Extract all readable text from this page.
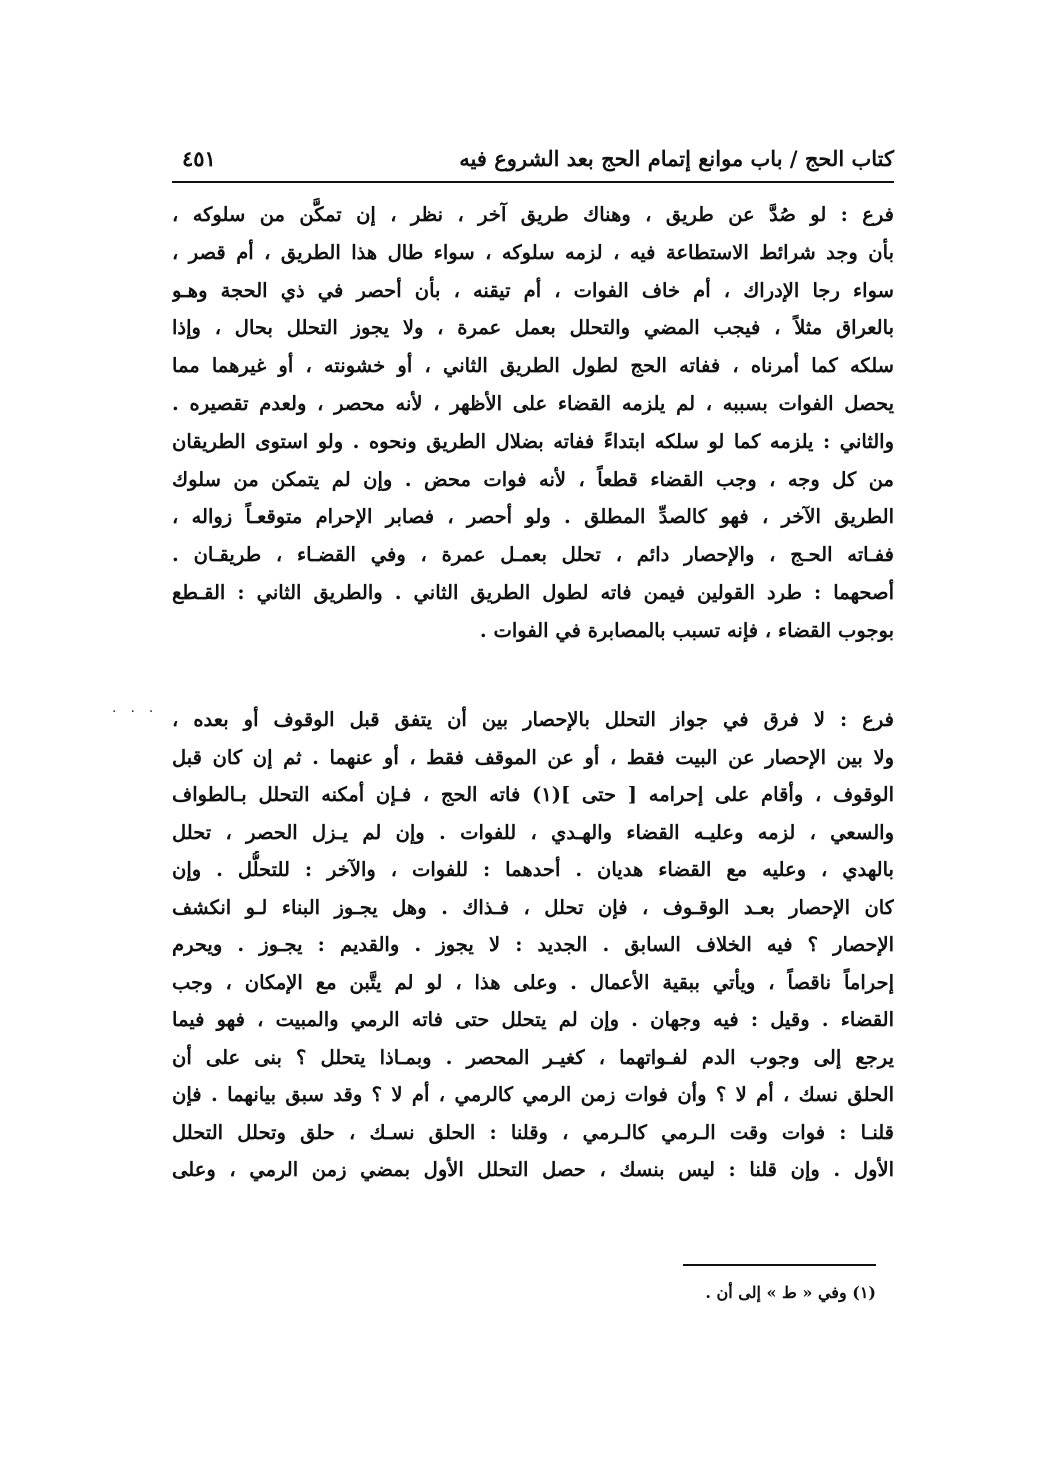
كتاب الحج / باب موانع إتمام الحج بعد الشروع فيه
٤٥١
فرع : لو صُدَّ عن طريق ، وهناك طريق آخر ، نظر ، إن تمكَّن من سلوكه ،
بأن وجد شرائط الاستطاعة فيه ، لزمه سلوكه ، سواء طال هذا الطريق ، أم قصر ،
سواء رجا الإدراك ، أم خاف الفوات ، أم تيقنه ، بأن أحصر في ذي الحجة وهـو
بالعراق مثلاً ، فيجب المضي والتحلل بعمل عمرة ، ولا يجوز التحلل بحال ، وإذا
سلكه كما أمرناه ، ففاته الحج لطول الطريق الثاني ، أو خشونته ، أو غيرهما مما
يحصل الفوات بسببه ، لم يلزمه القضاء على الأظهر ، لأنه محصر ، ولعدم تقصيره .
والثاني : يلزمه كما لو سلكه ابتداءً ففاته بضلال الطريق ونحوه . ولو استوى الطريقان
من كل وجه ، وجب القضاء قطعاً ، لأنه فوات محض . وإن لم يتمكن من سلوك
الطريق الآخر ، فهو كالصدِّ المطلق . ولو أحصر ، فصابر الإحرام متوقعـاً زواله ،
ففـاته الحـج ، والإحصار دائم ، تحلل بعمـل عمرة ، وفي القضـاء ، طريقـان .
أصحهما : طرد القولين فيمن فاته لطول الطريق الثاني . والطريق الثاني : القـطع
بوجوب القضاء ، فإنه تسبب بالمصابرة في الفوات .
··· فرع : لا فرق في جواز التحلل بالإحصار بين أن يتفق قبل الوقوف أو بعده ،
ولا بين الإحصار عن البيت فقط ، أو عن الموقف فقط ، أو عنهما . ثم إن كان قبل
الوقوف ، وأقام على إحرامه [ حتى ](١) فاته الحج ، فـإن أمكنه التحلل بـالطواف
والسعي ، لزمه وعليـه القضاء والهـدي ، للفوات . وإن لم يـزل الحصر ، تحلل
بالهدي ، وعليه مع القضاء هديان . أحدهما : للفوات ، والآخر : للتحلُّل . وإن
كان الإحصار بعـد الوقـوف ، فإن تحلل ، فـذاك . وهل يجـوز البناء لـو انكشف
الإحصار ؟ فيه الخلاف السابق . الجديد : لا يجوز . والقديم : يجـوز . ويحرم
إحراماً ناقصاً ، ويأتي ببقية الأعمال . وعلى هذا ، لو لم يتَّبن مع الإمكان ، وجب
القضاء . وقيل : فيه وجهان . وإن لم يتحلل حتى فاته الرمي والمبيت ، فهو فيما
يرجع إلى وجوب الدم لفـواتهما ، كغيـر المحصر . وبمـاذا يتحلل ؟ بنى على أن
الحلق نسك ، أم لا ؟ وأن فوات زمن الرمي كالرمي ، أم لا ؟ وقد سبق بيانهما . فإن
قلنـا : فوات وقت الـرمي كالـرمي ، وقلنا : الحلق نسـك ، حلق وتحلل التحلل
الأول . وإن قلنا : ليس بنسك ، حصل التحلل الأول بمضي زمن الرمي ، وعلى
(١) وفي « ط » إلى أن .
